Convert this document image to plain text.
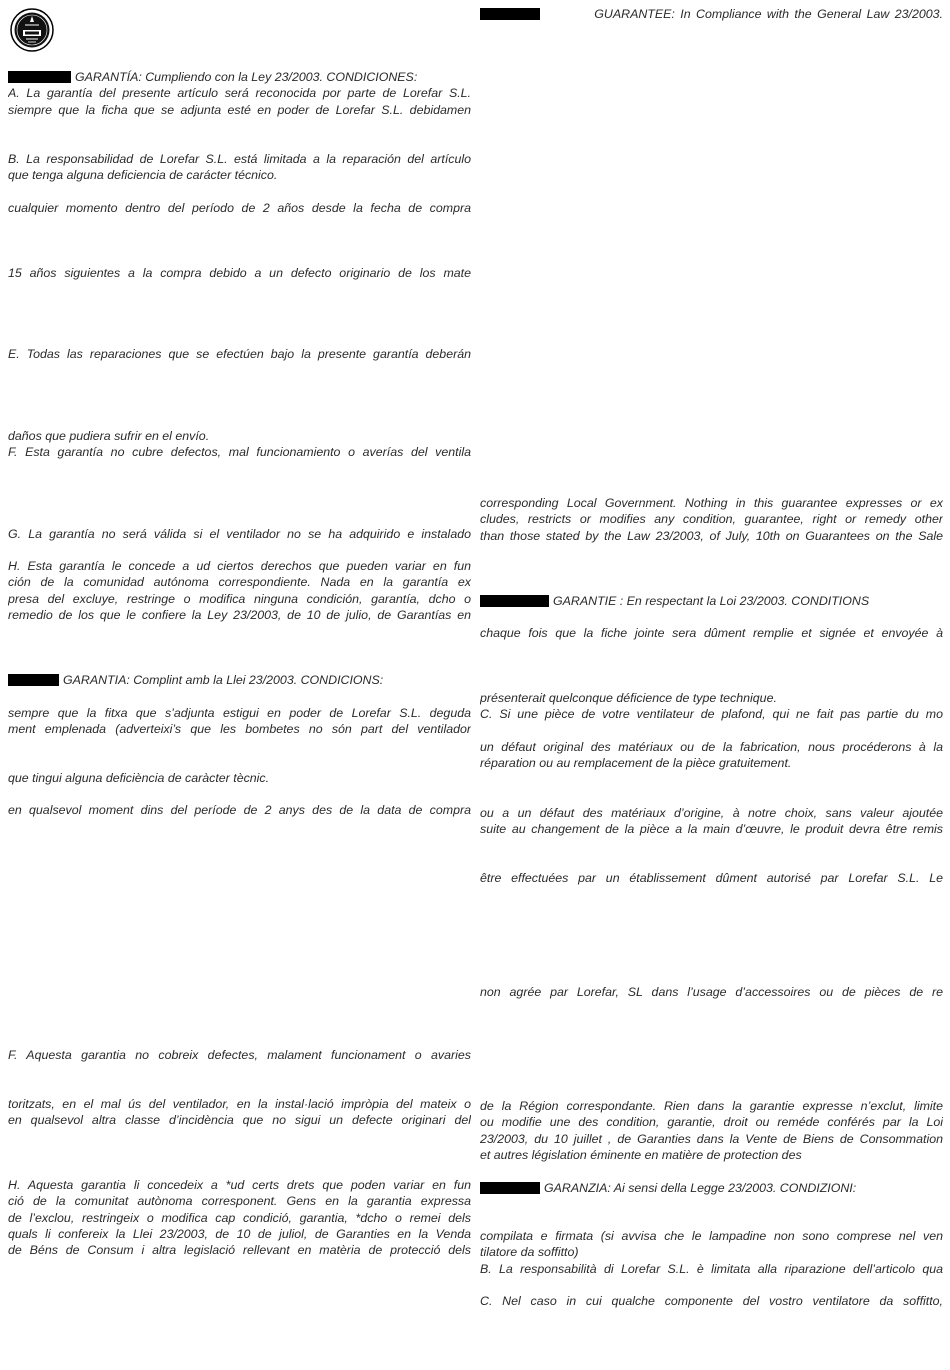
GARANTÍA: Cumpliendo con la Ley 23/2003. CONDICIONES:
A. La garantía del presente artículo será reconocida por parte de Lorefar S.L.
siempre que la ficha que se adjunta esté en poder de Lorefar S.L. debidamen
B. La responsabilidad de Lorefar S.L. está limitada a la reparación del artículo
que tenga alguna deficiencia de carácter técnico.
cualquier momento dentro del período de 2 años desde la fecha de compra
15 años siguientes a la compra debido a un defecto originario de los mate
E. Todas las reparaciones que se efectúen bajo la presente garantía deberán
daños que pudiera sufrir en el envío.
F. Esta garantía no cubre defectos, mal funcionamiento o averías del ventila
G. La garantía no será válida si el ventilador no se ha adquirido e instalado
H. Esta garantía le concede a ud ciertos derechos que pueden variar en fun
ción de la comunidad autónoma correspondiente. Nada en la garantía ex
presa del excluye, restringe o modifica ninguna condición, garantía, dcho o
remedio de los que le confiere la Ley 23/2003, de 10 de julio, de Garantías en
GARANTIA: Complint amb la Llei 23/2003. CONDICIONS:
sempre que la fitxa que s’adjunta estigui en poder de Lorefar S.L. deguda
ment emplenada (adverteixi’s que les bombetes no són part del ventilador
que tingui alguna deficiència de caràcter tècnic.
en qualsevol moment dins del període de 2 anys des de la data de compra
F. Aquesta garantia no cobreix defectes, malament funcionament o avaries
toritzats, en el mal ús del ventilador, en la instal·lació impròpia del mateix o
en qualsevol altra classe d’incidència que no sigui un defecte originari del
H. Aquesta garantia li concedeix a *ud certs drets que poden variar en fun
ció de la comunitat autònoma corresponent. Gens en la garantia expressa
de l’exclou, restringeix o modifica cap condició, garantia, *dcho o remei dels
quals li confereix la Llei 23/2003, de 10 de juliol, de Garanties en la Venda
de Béns de Consum i altra legislació rellevant en matèria de protecció dels
GUARANTEE: In Compliance with the General Law 23/2003.
corresponding Local Government. Nothing in this guarantee expresses or ex
cludes, restricts or modifies any condition, guarantee, right or remedy other
than those stated by the Law 23/2003, of July, 10th on Guarantees on the Sale
GARANTIE : En respectant la Loi 23/2003. CONDITIONS
chaque fois que la fiche jointe sera dûment remplie et signée et envoyée à
présenterait quelconque déficience de type technique.
C. Si une pièce de votre ventilateur de plafond, qui ne fait pas partie du mo
un défaut original des matériaux ou de la fabrication, nous procéderons à la
réparation ou au remplacement de la pièce gratuitement.
ou a un défaut des matériaux d’origine, à notre choix, sans valeur ajoutée
suite au changement de la pièce a la main d’œuvre, le produit devra être remis
être effectuées par un établissement dûment autorisé par Lorefar S.L. Le
non agrée par Lorefar, SL dans l’usage d’accessoires ou de pièces de re
de la Région correspondante. Rien dans la garantie expresse n’exclut, limite
ou modifie une des condition, garantie, droit ou reméde conférés par la Loi
23/2003, du 10 juillet , de Garanties dans la Vente de Biens de Consommation
et autres législation éminente en matière de protection des
GARANZIA: Ai sensi della Legge 23/2003. CONDIZIONI:
compilata e firmata (si avvisa che le lampadine non sono comprese nel ven
tilatore da soffitto)
B. La responsabilità di Lorefar S.L. è limitata alla riparazione dell’articolo qua
C. Nel caso in cui qualche componente del vostro ventilatore da soffitto,
